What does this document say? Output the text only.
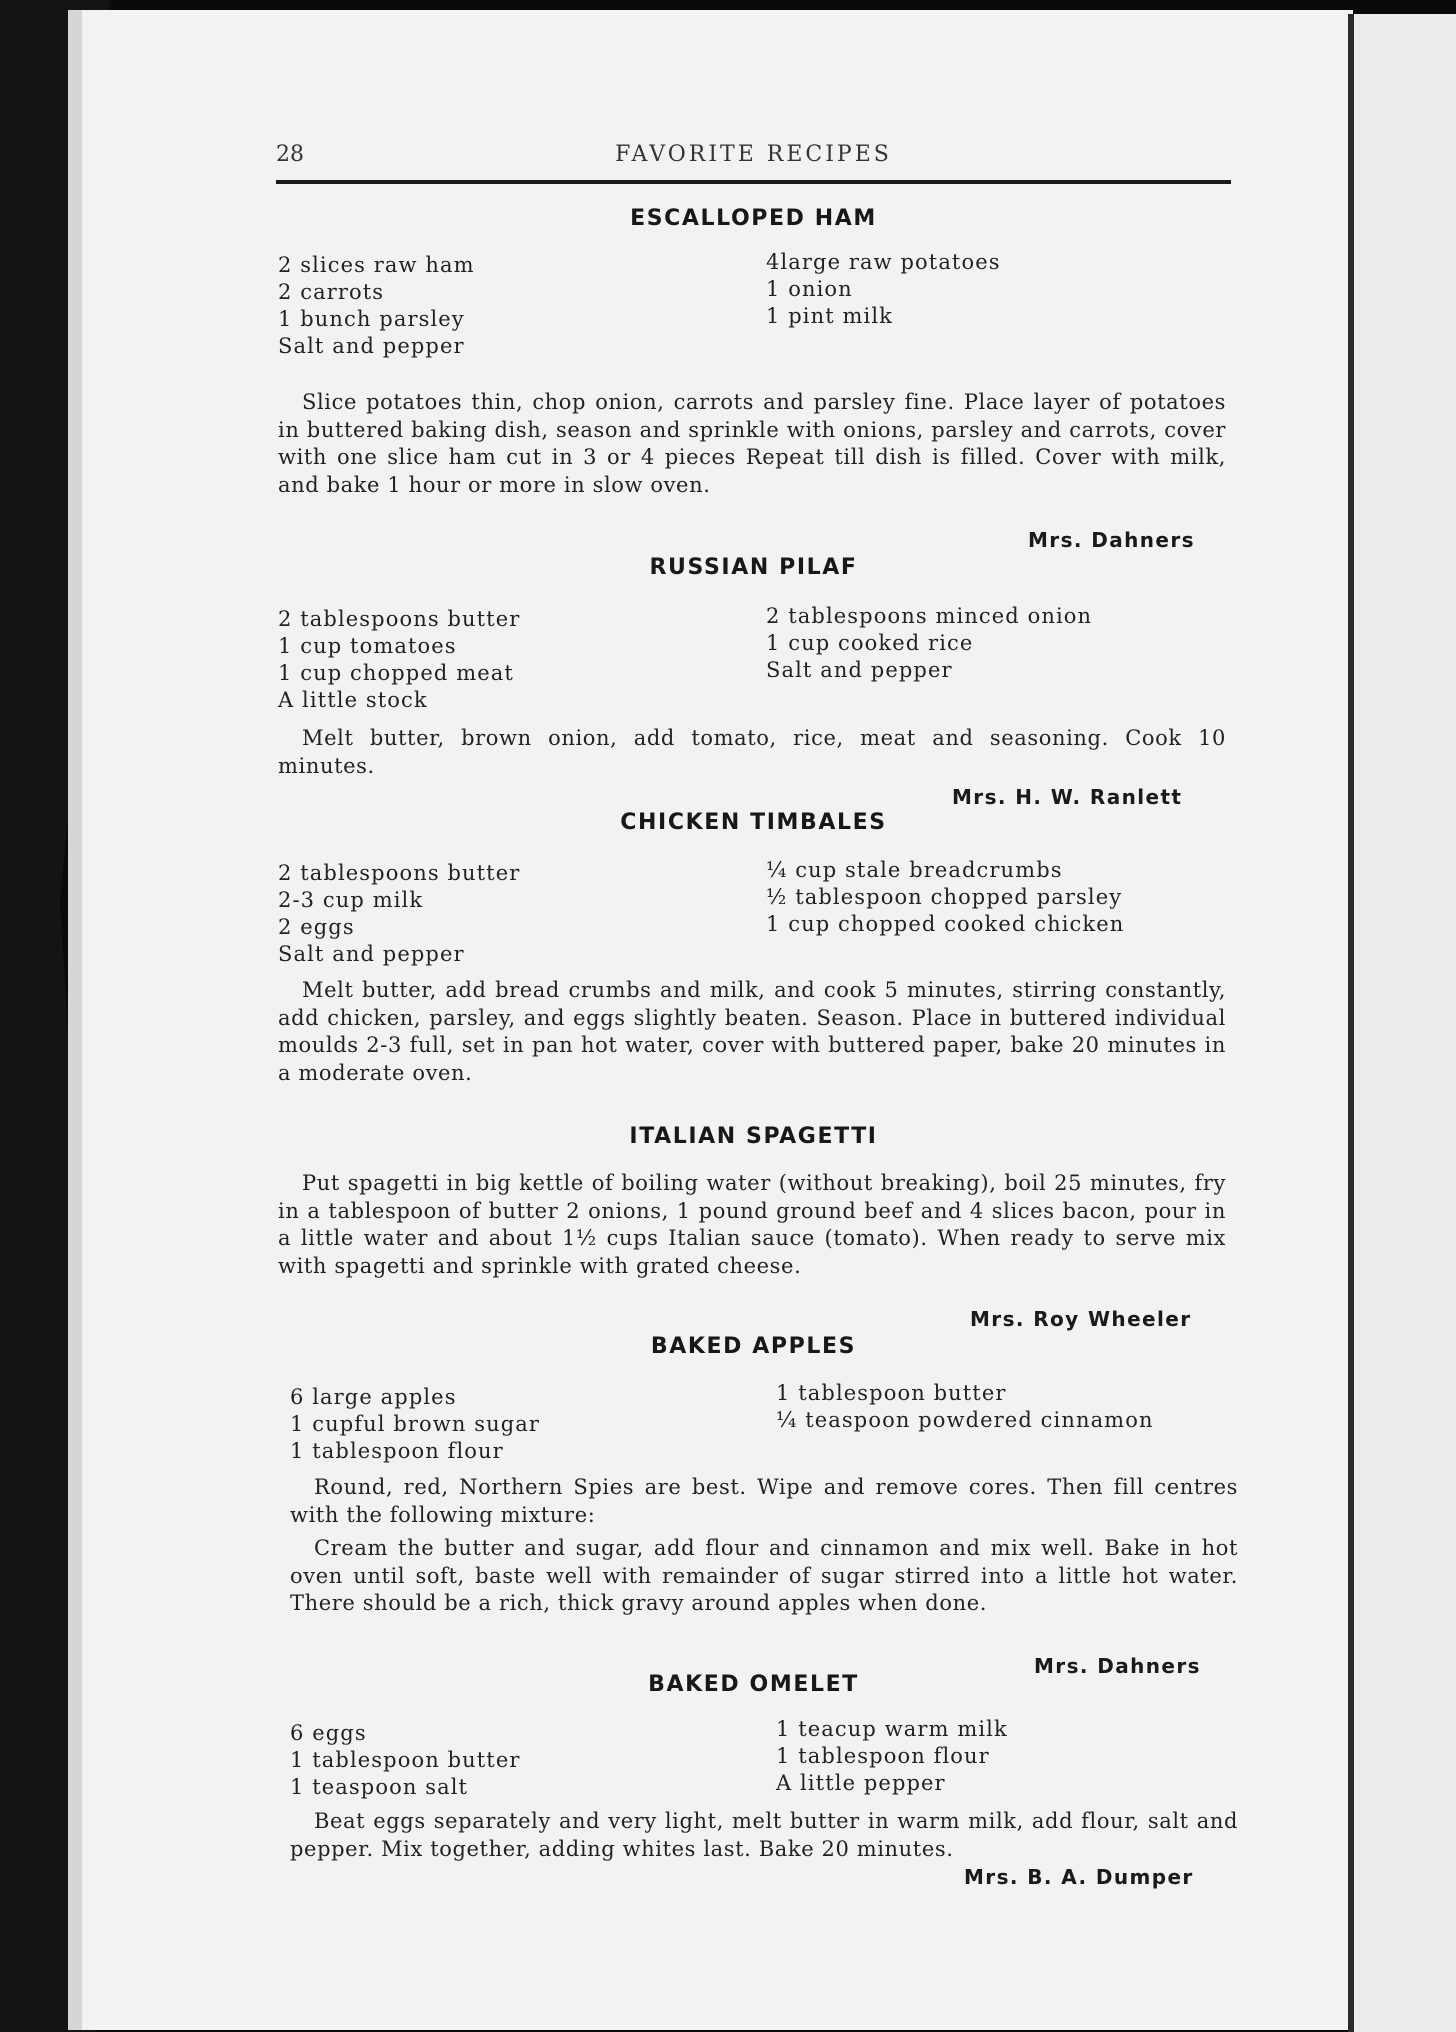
28	FAVORITE RECIPES
ESCALLOPED HAM
2 slices raw ham
2 carrots
1 bunch parsley
Salt and pepper
4large raw potatoes
1 onion
1 pint milk

Slice potatoes thin, chop onion, carrots and parsley fine. Place layer of potatoes in buttered baking dish, season and sprinkle with onions, parsley and carrots, cover with one slice ham cut in 3 or 4 pieces Repeat till dish is filled. Cover with milk, and bake 1 hour or more in slow oven.

Mrs. Dahners
RUSSIAN PILAF
2 tablespoons butter
1 cup tomatoes
1 cup chopped meat
A little stock
2 tablespoons minced onion
1 cup cooked rice
Salt and pepper

Melt butter, brown onion, add tomato, rice, meat and seasoning. Cook 10 minutes.

Mrs. H. W. Ranlett
CHICKEN TIMBALES
2 tablespoons butter
2-3 cup milk
2 eggs
Salt and pepper
¼ cup stale breadcrumbs
½ tablespoon chopped parsley
1 cup chopped cooked chicken

Melt butter, add bread crumbs and milk, and cook 5 minutes, stirring constantly, add chicken, parsley, and eggs slightly beaten. Season. Place in buttered individual moulds 2-3 full, set in pan hot water, cover with buttered paper, bake 20 minutes in a moderate oven.

ITALIAN SPAGETTI

Put spagetti in big kettle of boiling water (without breaking), boil 25 minutes, fry in a tablespoon of butter 2 onions, 1 pound ground beef and 4 slices bacon, pour in a little water and about 1½ cups Italian sauce (tomato). When ready to serve mix with spagetti and sprinkle with grated cheese.

Mrs. Roy Wheeler
BAKED APPLES
6 large apples
1 cupful brown sugar
1 tablespoon flour
1 tablespoon butter
¼ teaspoon powdered cinnamon

Round, red, Northern Spies are best. Wipe and remove cores. Then fill centres with the following mixture:

Cream the butter and sugar, add flour and cinnamon and mix well. Bake in hot oven until soft, baste well with remainder of sugar stirred into a little hot water. There should be a rich, thick gravy around apples when done.

Mrs. Dahners
BAKED OMELET
6 eggs
1 tablespoon butter
1 teaspoon salt
1 teacup warm milk
1 tablespoon flour
A little pepper

Beat eggs separately and very light, melt butter in warm milk, add flour, salt and pepper. Mix together, adding whites last. Bake 20 minutes.

Mrs. B. A. Dumper
